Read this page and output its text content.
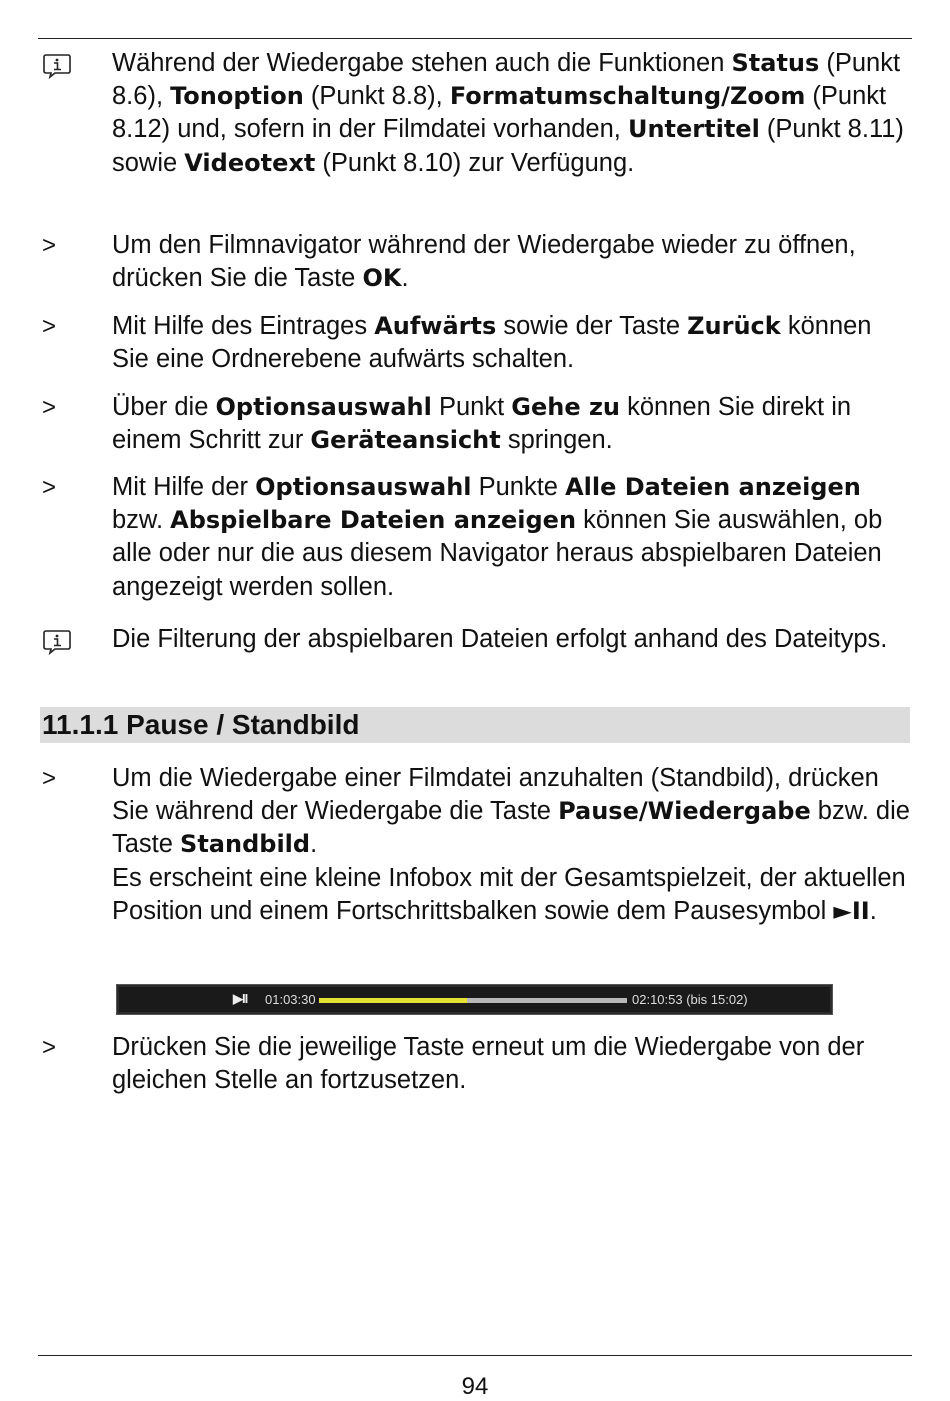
Während der Wiedergabe stehen auch die Funktionen Status (Punkt 8.6), Tonoption (Punkt 8.8), Formatumschaltung/Zoom (Punkt 8.12) und, sofern in der Filmdatei vorhanden, Untertitel (Punkt 8.11) sowie Videotext (Punkt 8.10) zur Verfügung.
>	Um den Filmnavigator während der Wiedergabe wieder zu öffnen, drücken Sie die Taste OK.
>	Mit Hilfe des Eintrages Aufwärts sowie der Taste Zurück können Sie eine Ordnerebene aufwärts schalten.
>	Über die Optionsauswahl Punkt Gehe zu können Sie direkt in einem Schritt zur Geräteansicht springen.
>	Mit Hilfe der Optionsauswahl Punkte Alle Dateien anzeigen bzw. Abspielbare Dateien anzeigen können Sie auswählen, ob alle oder nur die aus diesem Navigator heraus abspielbaren Dateien angezeigt werden sollen.
Die Filterung der abspielbaren Dateien erfolgt anhand des Dateityps.
11.1.1 Pause / Standbild
>	Um die Wiedergabe einer Filmdatei anzuhalten (Standbild), drücken Sie während der Wiedergabe die Taste Pause/Wiedergabe bzw. die Taste Standbild.
Es erscheint eine kleine Infobox mit der Gesamtspielzeit, der aktuellen Position und einem Fortschrittsbalken sowie dem Pausesymbol ►II.
▶II 01:03:30	02:10:53 (bis 15:02)
>	Drücken Sie die jeweilige Taste erneut um die Wiedergabe von der gleichen Stelle an fortzusetzen.
94
